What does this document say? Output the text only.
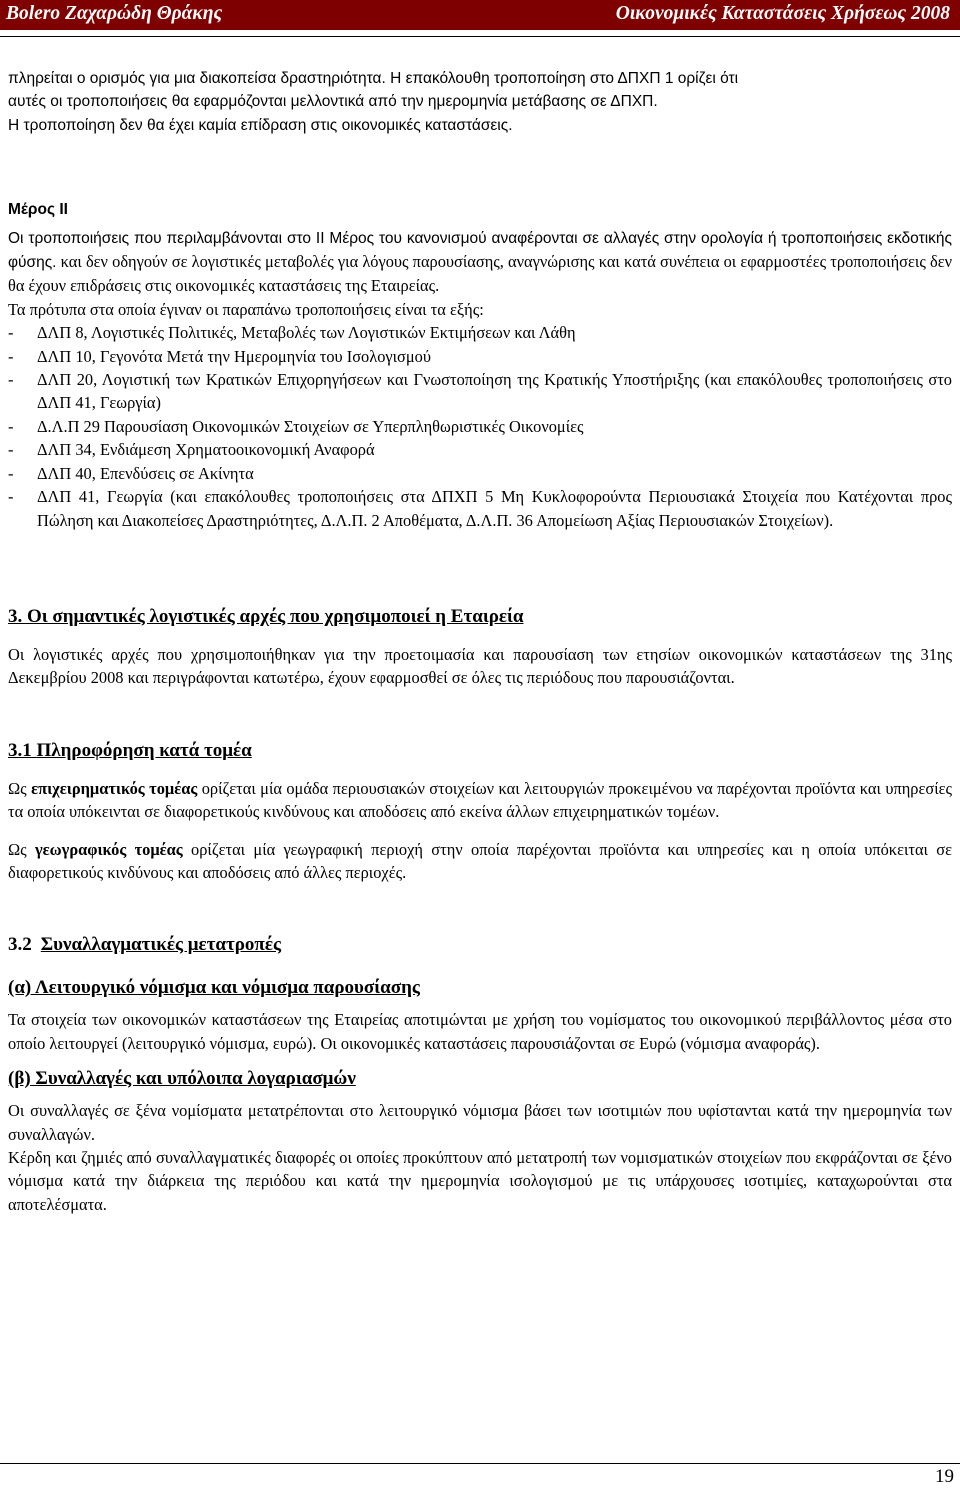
Bolero Ζαχαρώδη Θράκης	Οικονομικές Καταστάσεις Χρήσεως 2008

πληρείται ο ορισμός για μια διακοπείσα δραστηριότητα. Η επακόλουθη τροποποίηση στο ΔΠΧΠ 1 ορίζει ότι

αυτές οι τροποποιήσεις θα εφαρμόζονται μελλοντικά από την ημερομηνία μετάβασης σε ΔΠΧΠ.

Η τροποποίηση δεν θα έχει καμία επίδραση στις οικονομικές καταστάσεις.

Μέρος ΙΙ

Οι τροποποιήσεις που περιλαμβάνονται στο ΙΙ Μέρος του κανονισμού αναφέρονται σε αλλαγές στην ορολογία ή τροποποιήσεις εκδοτικής φύσης. και δεν οδηγούν σε λογιστικές μεταβολές για λόγους παρουσίασης, αναγνώρισης και κατά συνέπεια οι εφαρμοστέες τροποποιήσεις δεν θα έχουν επιδράσεις στις οικονομικές καταστάσεις της Εταιρείας.

Τα πρότυπα στα οποία έγιναν οι παραπάνω τροποποιήσεις είναι τα εξής:

-	ΔΛΠ 8, Λογιστικές Πολιτικές, Μεταβολές των Λογιστικών Εκτιμήσεων και Λάθη
-	ΔΛΠ 10, Γεγονότα Μετά την Ημερομηνία του Ισολογισμού
-	ΔΛΠ 20, Λογιστική των Κρατικών Επιχορηγήσεων και Γνωστοποίηση της Κρατικής Υποστήριξης (και επακόλουθες τροποποιήσεις στο ΔΛΠ 41, Γεωργία)
-	Δ.Λ.Π 29 Παρουσίαση Οικονομικών Στοιχείων σε Υπερπληθωριστικές Οικονομίες
-	ΔΛΠ 34, Ενδιάμεση Χρηματοοικονομική Αναφορά
-	ΔΛΠ 40, Επενδύσεις σε Ακίνητα
-	ΔΛΠ 41, Γεωργία (και επακόλουθες τροποποιήσεις στα ΔΠΧΠ 5 Μη Κυκλοφορούντα Περιουσιακά Στοιχεία που Κατέχονται προς Πώληση και Διακοπείσες Δραστηριότητες, Δ.Λ.Π. 2 Αποθέματα, Δ.Λ.Π. 36 Απομείωση Αξίας Περιουσιακών Στοιχείων).

3. Οι σημαντικές λογιστικές αρχές που χρησιμοποιεί η Εταιρεία

Οι λογιστικές αρχές που χρησιμοποιήθηκαν για την προετοιμασία και παρουσίαση των ετησίων οικονομικών καταστάσεων της 31ης Δεκεμβρίου 2008 και περιγράφονται κατωτέρω, έχουν εφαρμοσθεί σε όλες τις περιόδους που παρουσιάζονται.

3.1 Πληροφόρηση κατά τομέα

Ως επιχειρηματικός τομέας ορίζεται μία ομάδα περιουσιακών στοιχείων και λειτουργιών προκειμένου να παρέχονται προϊόντα και υπηρεσίες τα οποία υπόκεινται σε διαφορετικούς κινδύνους και αποδόσεις από εκείνα άλλων επιχειρηματικών τομέων.

Ως γεωγραφικός τομέας ορίζεται μία γεωγραφική περιοχή στην οποία παρέχονται προϊόντα και υπηρεσίες και η οποία υπόκειται σε διαφορετικούς κινδύνους και αποδόσεις από άλλες περιοχές.

3.2 Συναλλαγματικές μετατροπές

(α) Λειτουργικό νόμισμα και νόμισμα παρουσίασης

Τα στοιχεία των οικονομικών καταστάσεων της Εταιρείας αποτιμώνται με χρήση του νομίσματος του οικονομικού περιβάλλοντος μέσα στο οποίο λειτουργεί (λειτουργικό νόμισμα, ευρώ). Οι οικονομικές καταστάσεις παρουσιάζονται σε Ευρώ (νόμισμα αναφοράς).

(β) Συναλλαγές και υπόλοιπα λογαριασμών

Οι συναλλαγές σε ξένα νομίσματα μετατρέπονται στο λειτουργικό νόμισμα βάσει των ισοτιμιών που υφίστανται κατά την ημερομηνία των συναλλαγών.

Κέρδη και ζημιές από συναλλαγματικές διαφορές οι οποίες προκύπτουν από μετατροπή των νομισματικών στοιχείων που εκφράζονται σε ξένο νόμισμα κατά την διάρκεια της περιόδου και κατά την ημερομηνία ισολογισμού με τις υπάρχουσες ισοτιμίες, καταχωρούνται στα αποτελέσματα.

19
